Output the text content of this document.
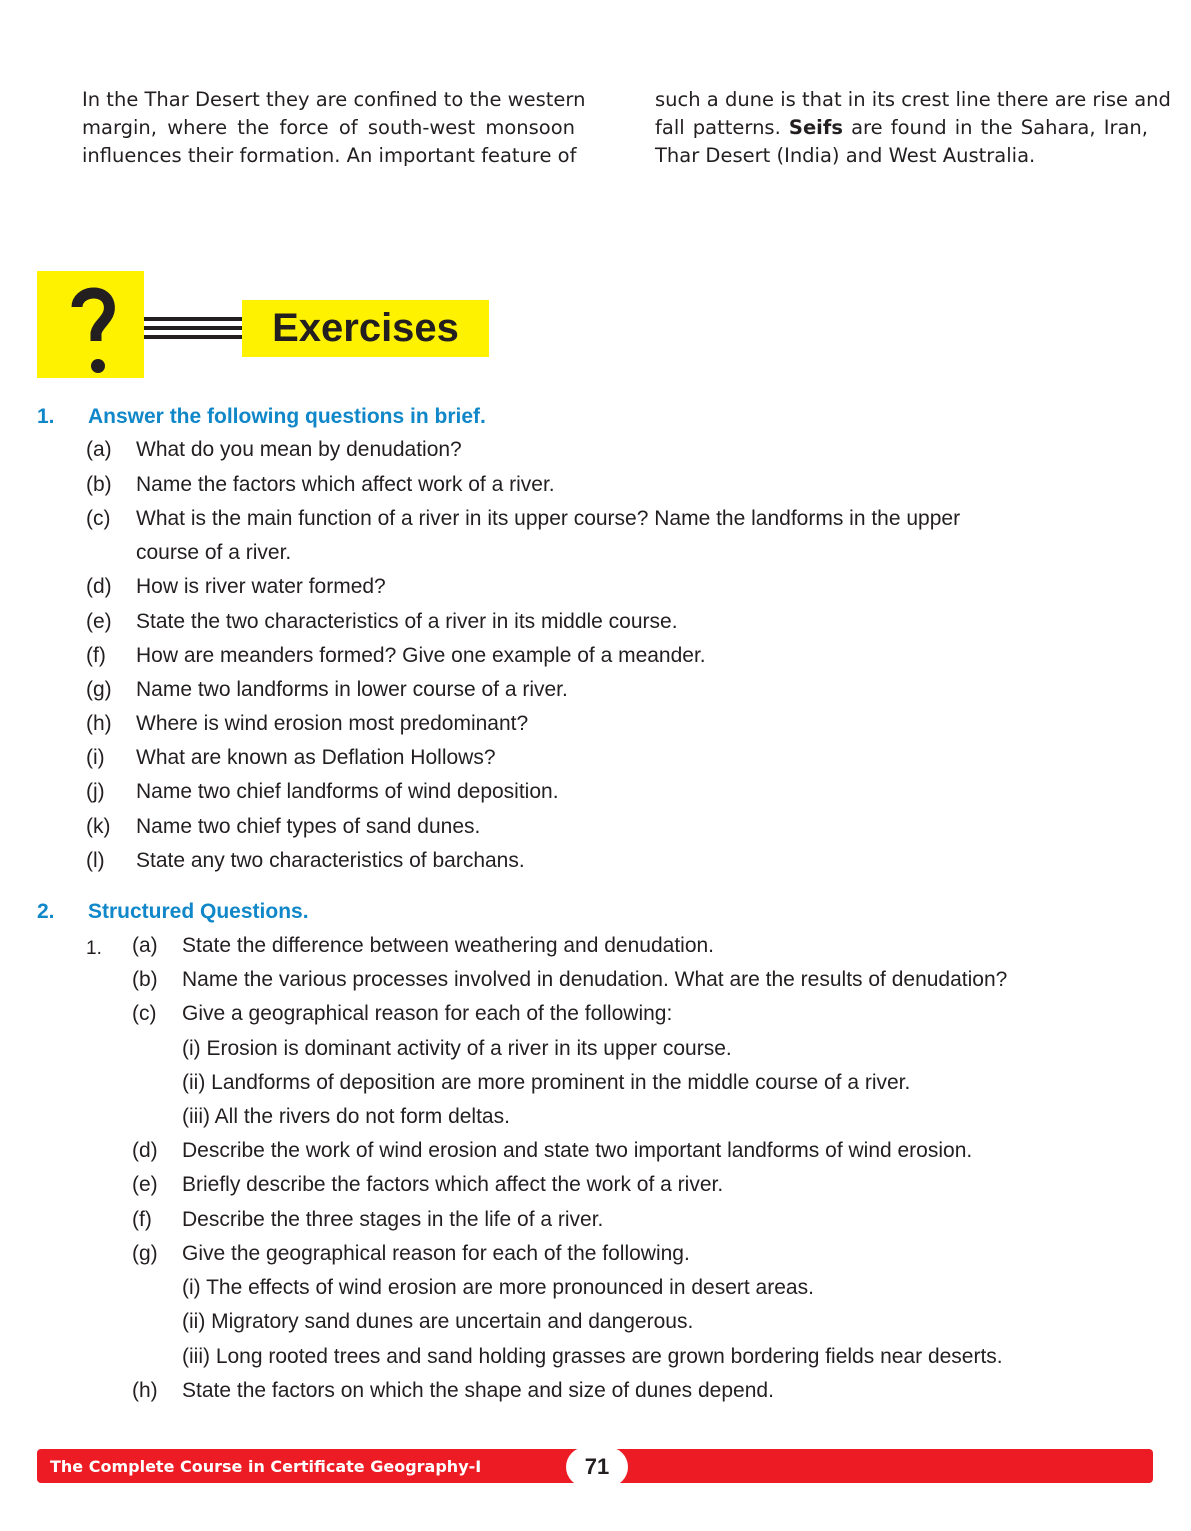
In the Thar Desert they are confined to the western
margin, where the force of south-west monsoon
influences their formation. An important feature of
such a dune is that in its crest line there are rise and
fall patterns. Seifs are found in the Sahara, Iran,
Thar Desert (India) and West Australia.
Exercises
1. Answer the following questions in brief.
(a) What do you mean by denudation?
(b) Name the factors which affect work of a river.
(c) What is the main function of a river in its upper course? Name the landforms in the upper
course of a river.
(d) How is river water formed?
(e) State the two characteristics of a river in its middle course.
(f) How are meanders formed? Give one example of a meander.
(g) Name two landforms in lower course of a river.
(h) Where is wind erosion most predominant?
(i) What are known as Deflation Hollows?
(j) Name two chief landforms of wind deposition.
(k) Name two chief types of sand dunes.
(l) State any two characteristics of barchans.
2. Structured Questions.
1. (a) State the difference between weathering and denudation.
(b) Name the various processes involved in denudation. What are the results of denudation?
(c) Give a geographical reason for each of the following:
(i) Erosion is dominant activity of a river in its upper course.
(ii) Landforms of deposition are more prominent in the middle course of a river.
(iii) All the rivers do not form deltas.
(d) Describe the work of wind erosion and state two important landforms of wind erosion.
(e) Briefly describe the factors which affect the work of a river.
(f) Describe the three stages in the life of a river.
(g) Give the geographical reason for each of the following.
(i) The effects of wind erosion are more pronounced in desert areas.
(ii) Migratory sand dunes are uncertain and dangerous.
(iii) Long rooted trees and sand holding grasses are grown bordering fields near deserts.
(h) State the factors on which the shape and size of dunes depend.
The Complete Course in Certificate Geography-I	71
